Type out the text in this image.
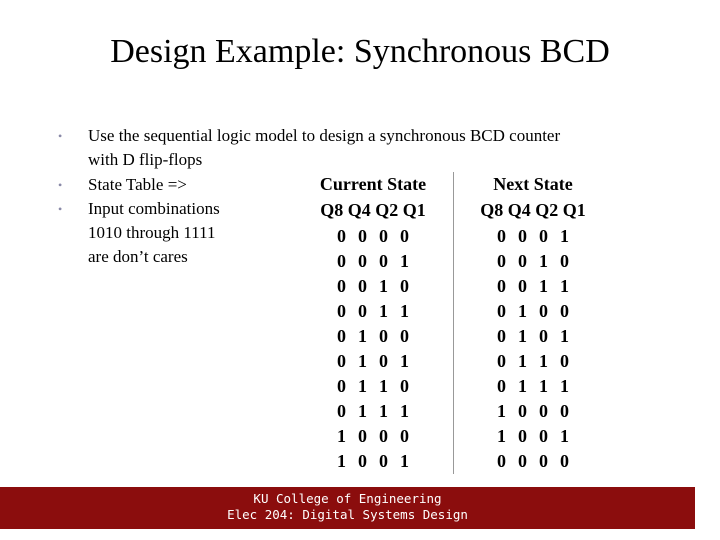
Design Example: Synchronous BCD
• Use the sequential logic model to design a synchronous BCD counter
with D flip-flops
• State Table =>
• Input combinations
1010 through 1111
are don’t cares
Current State
Q8 Q4 Q2 Q1
0 0 0 0
0 0 0 1
0 0 1 0
0 0 1 1
0 1 0 0
0 1 0 1
0 1 1 0
0 1 1 1
1 0 0 0
1 0 0 1
Next State
Q8 Q4 Q2 Q1
0 0 0 1
0 0 1 0
0 0 1 1
0 1 0 0
0 1 0 1
0 1 1 0
0 1 1 1
1 0 0 0
1 0 0 1
0 0 0 0
KU College of Engineering
Elec 204: Digital Systems Design
